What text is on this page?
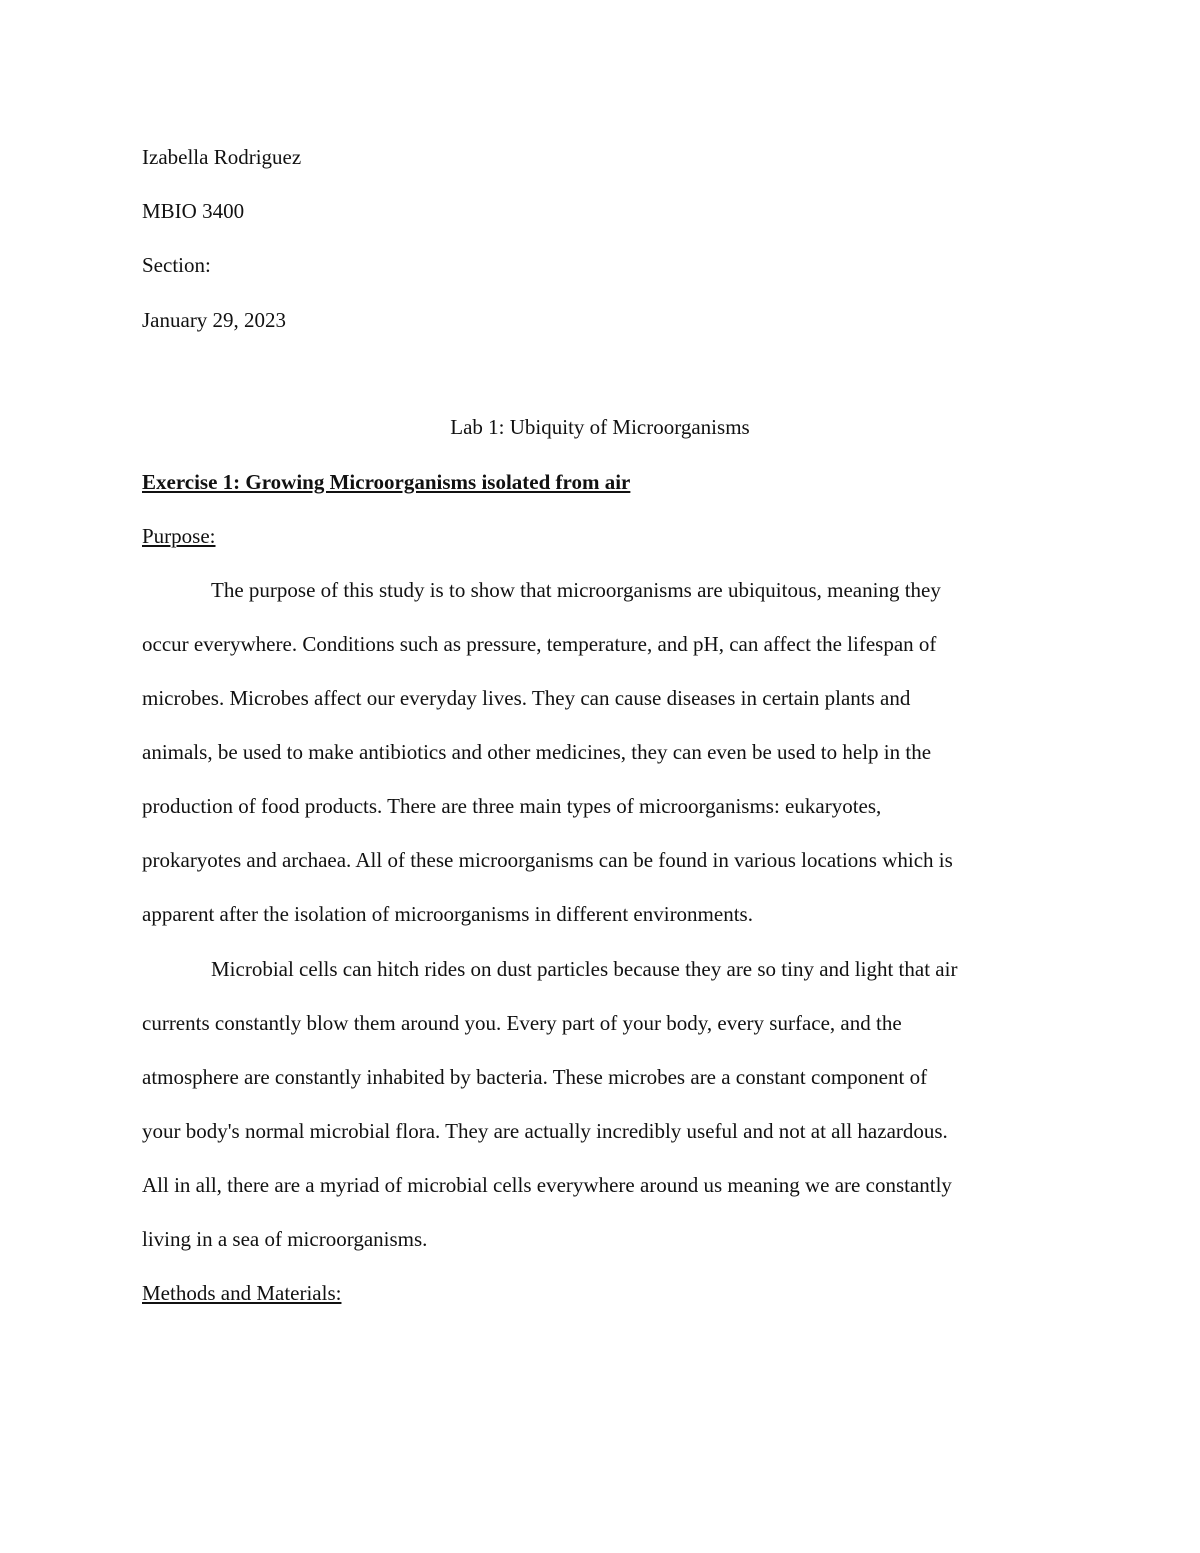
Izabella Rodriguez
MBIO 3400
Section:
January 29, 2023
Lab 1: Ubiquity of Microorganisms
Exercise 1: Growing Microorganisms isolated from air
Purpose:
The purpose of this study is to show that microorganisms are ubiquitous, meaning they
occur everywhere. Conditions such as pressure, temperature, and pH, can affect the lifespan of
microbes. Microbes affect our everyday lives. They can cause diseases in certain plants and
animals, be used to make antibiotics and other medicines, they can even be used to help in the
production of food products. There are three main types of microorganisms: eukaryotes,
prokaryotes and archaea. All of these microorganisms can be found in various locations which is
apparent after the isolation of microorganisms in different environments.
Microbial cells can hitch rides on dust particles because they are so tiny and light that air
currents constantly blow them around you. Every part of your body, every surface, and the
atmosphere are constantly inhabited by bacteria. These microbes are a constant component of
your body's normal microbial flora. They are actually incredibly useful and not at all hazardous.
All in all, there are a myriad of microbial cells everywhere around us meaning we are constantly
living in a sea of microorganisms.
Methods and Materials:
